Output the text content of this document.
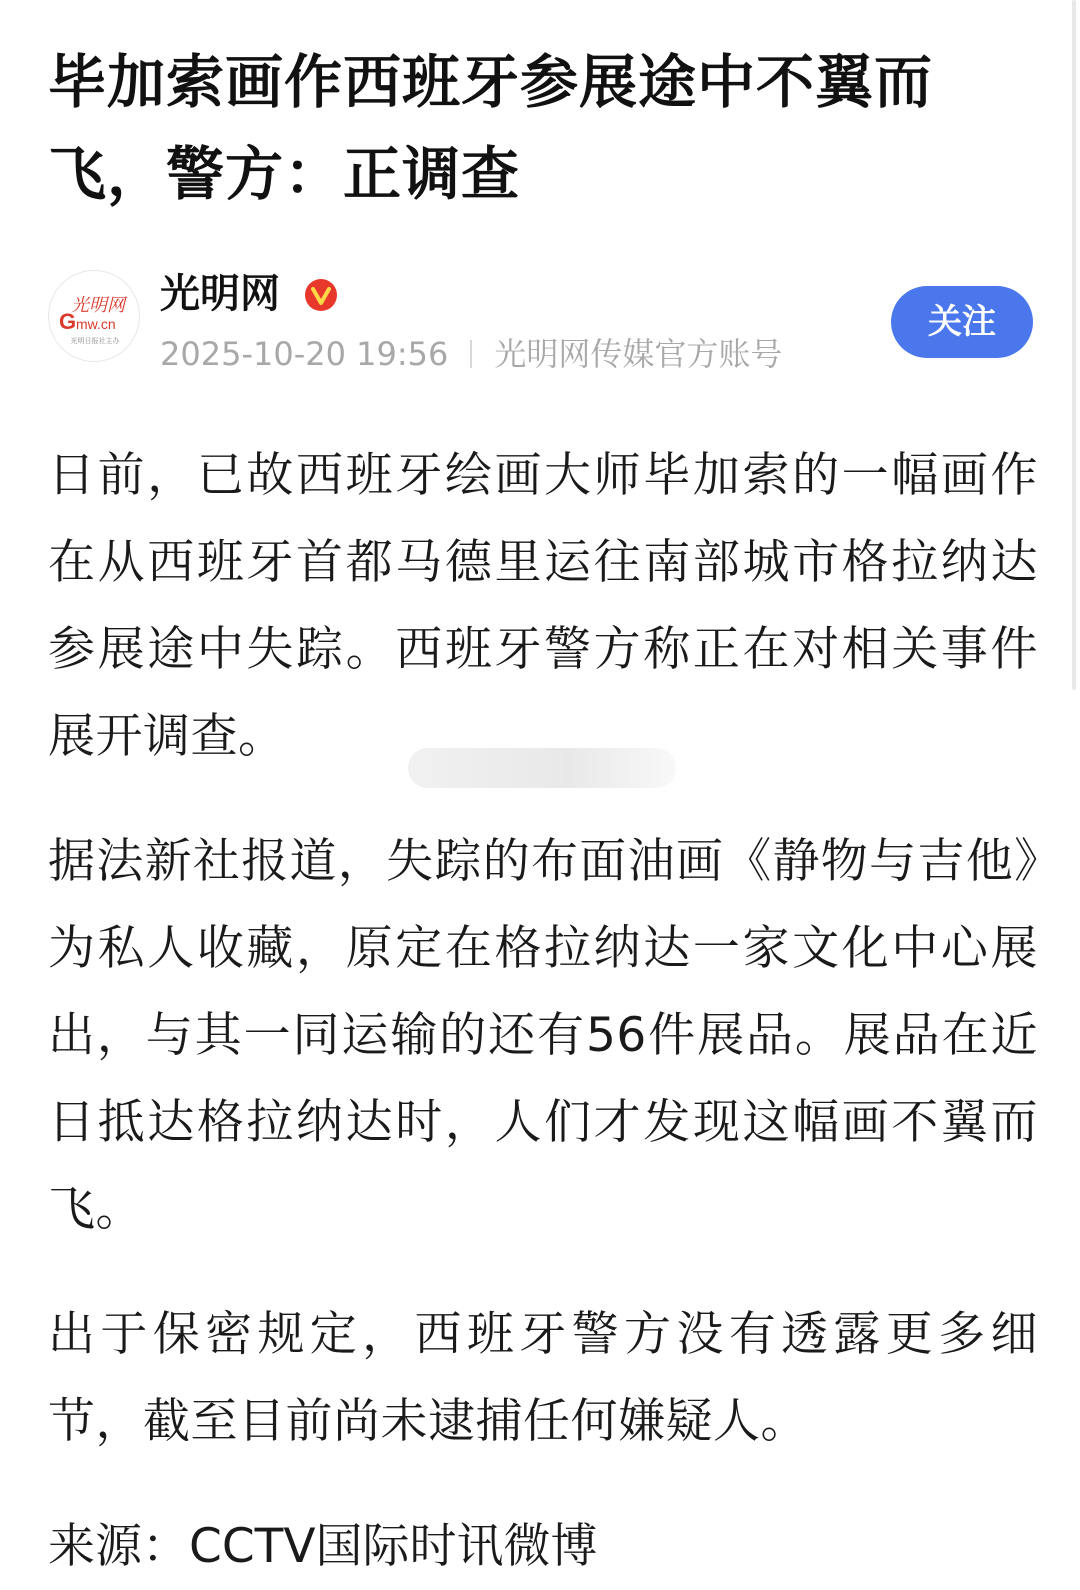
毕加索画作西班牙参展途中不翼而飞，警方：正调查
光明网
G mw.cn
光明日报社主办
光明网
2025-10-20 19:56 光明网传媒官方账号
关注

日前，已故西班牙绘画大师毕加索的一幅画作在从西班牙首都马德里运往南部城市格拉纳达参展途中失踪。西班牙警方称正在对相关事件展开调查。

据法新社报道，失踪的布面油画《静物与吉他》为私人收藏，原定在格拉纳达一家文化中心展出，与其一同运输的还有56件展品。展品在近日抵达格拉纳达时，人们才发现这幅画不翼而飞。

出于保密规定，西班牙警方没有透露更多细节，截至目前尚未逮捕任何嫌疑人。

来源：CCTV国际时讯微博
